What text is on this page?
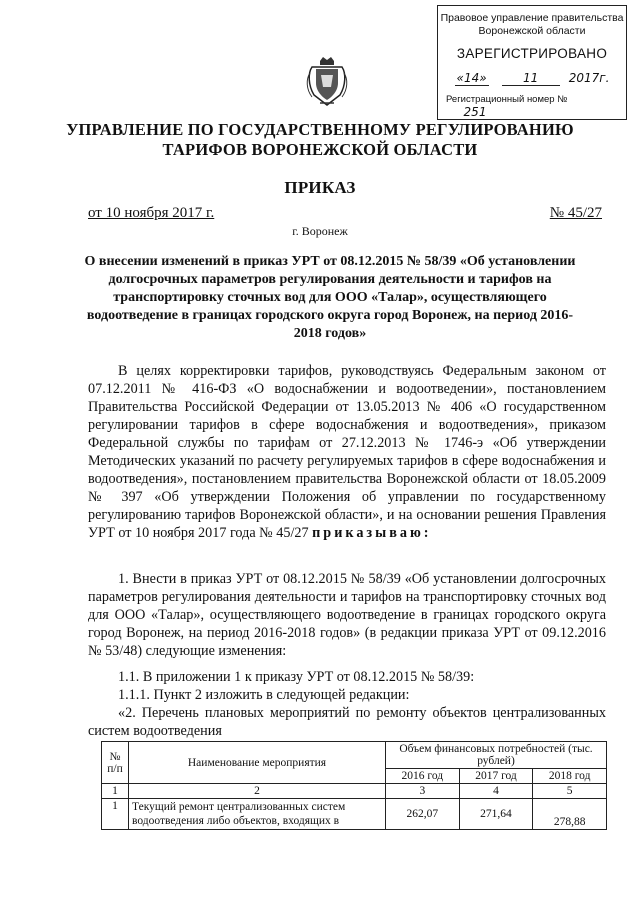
Правовое управление правительства
Воронежской области
ЗАРЕГИСТРИРОВАНО
«14»	11	2017г.
Регистрационный номер № 251
УПРАВЛЕНИЕ ПО ГОСУДАРСТВЕННОМУ РЕГУЛИРОВАНИЮ
ТАРИФОВ ВОРОНЕЖСКОЙ ОБЛАСТИ
ПРИКАЗ
от 10 ноября 2017 г.	№ 45/27
г. Воронеж
О внесении изменений в приказ УРТ от 08.12.2015 № 58/39 «Об установлении долгосрочных параметров регулирования деятельности и тарифов на транспортировку сточных вод для ООО «Талар», осуществляющего водоотведение в границах городского округа город Воронеж, на период 2016-2018 годов»
В целях корректировки тарифов, руководствуясь Федеральным законом от 07.12.2011 № 416-ФЗ «О водоснабжении и водоотведении», постановлением Правительства Российской Федерации от 13.05.2013 № 406 «О государственном регулировании тарифов в сфере водоснабжения и водоотведения», приказом Федеральной службы по тарифам от 27.12.2013 № 1746-э «Об утверждении Методических указаний по расчету регулируемых тарифов в сфере водоснабжения и водоотведения», постановлением правительства Воронежской области от 18.05.2009 № 397 «Об утверждении Положения об управлении по государственному регулированию тарифов Воронежской области», и на основании решения Правления УРТ от 10 ноября 2017 года № 45/27 приказываю:
1. Внести в приказ УРТ от 08.12.2015 № 58/39 «Об установлении долгосрочных параметров регулирования деятельности и тарифов на транспортировку сточных вод для ООО «Талар», осуществляющего водоотведение в границах городского округа город Воронеж, на период 2016-2018 годов» (в редакции приказа УРТ от 09.12.2016 № 53/48) следующие изменения:
1.1. В приложении 1 к приказу УРТ от 08.12.2015 № 58/39:
1.1.1. Пункт 2 изложить в следующей редакции:
«2. Перечень плановых мероприятий по ремонту объектов централизованных систем водоотведения
№ п/п	Наименование мероприятия	Объем финансовых потребностей (тыс. рублей)		
		2016 год	2017 год	2018 год
1	2	3	4	5
1	Текущий ремонт централизованных систем водоотведения либо объектов, входящих в	262,07	271,64	278,88
